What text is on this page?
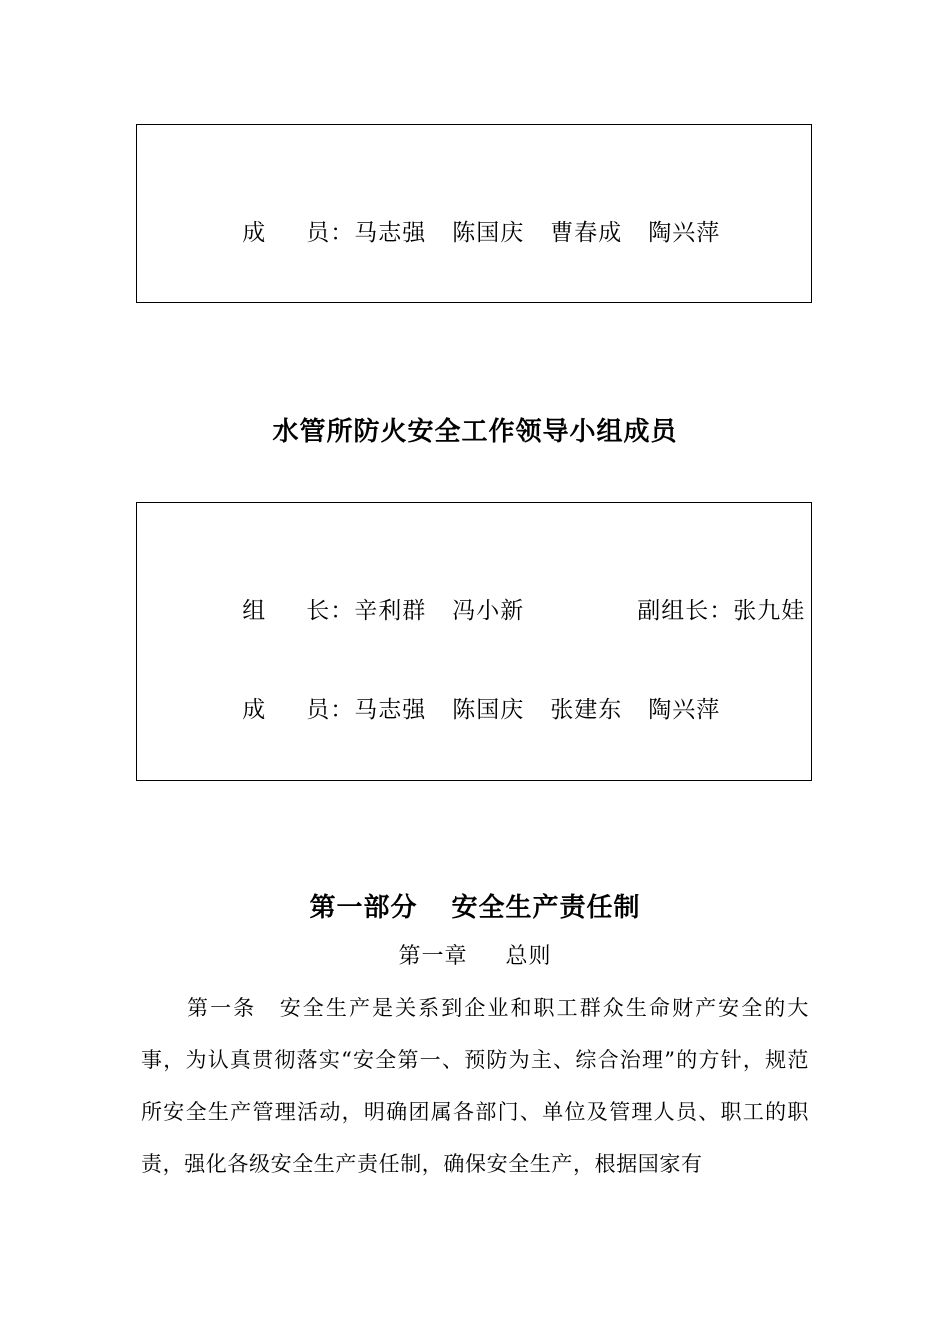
成 员：马志强 陈国庆 曹春成 陶兴萍

水管所防火安全工作领导小组成员

组 长：辛利群 冯小新
	副组长：张九娃

成 员：马志强 陈国庆 张建东 陶兴萍

第一部分 安全生产责任制
第一章 总则
第一条 安全生产是关系到企业和职工群众生命财产安全的大事，为认真贯彻落实“安全第一、预防为主、综合治理”的方针，规范所安全生产管理活动，明确团属各部门、单位及管理人员、职工的职责，强化各级安全生产责任制，确保安全生产，根据国家有
